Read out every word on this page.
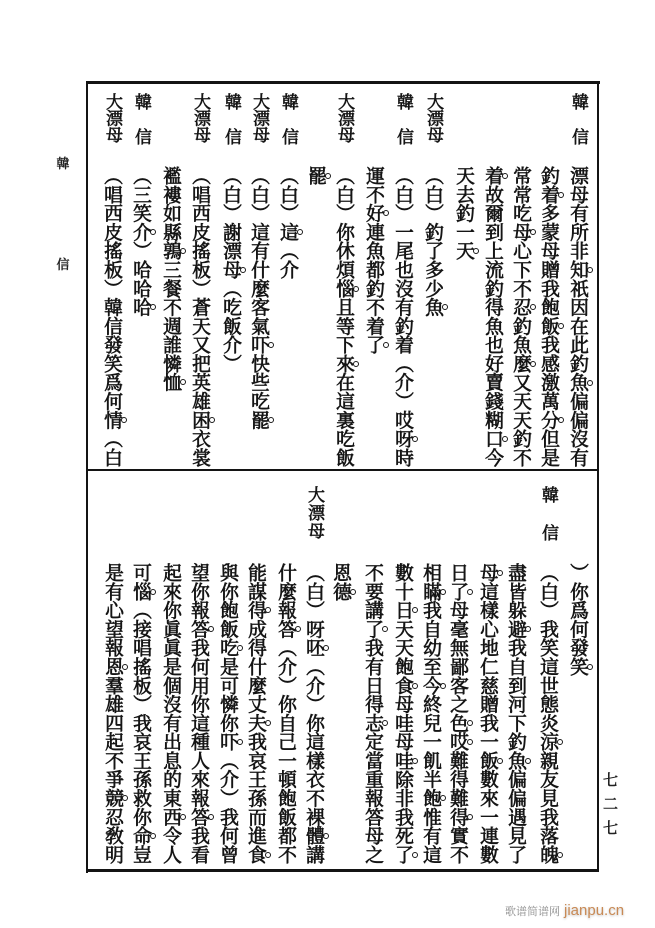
韓
信
七二七
韓信
漂母有所非知祇因在此釣魚偏偏沒有
釣着多蒙母贈我飽飯我感激萬分但是
常常吃母心下不忍釣魚麼又天天釣不
着故爾到上流釣得魚也好賣錢糊口今
天去釣一天
大漂母
（白）釣了多少魚
韓信
（白）一尾也沒有釣着（介）哎呀時
運不好連魚都釣不着了
大漂母
（白）你休煩惱且等下來在這裏吃飯
罷
韓信
（白）這（介
大漂母
（白）這有什麼客氣吓快些吃罷
韓信
（白）謝漂母（吃飯介）
大漂母
（唱西皮搖板）蒼天又把英雄困衣裳
襤褸如縣鶉三餐不週誰憐恤
韓信
（三笑介）哈哈哈
大漂母
（唱西皮搖板）韓信發笑爲何情（白
）你爲何發笑
韓信
（白）我笑這世態炎涼親友見我落魄
盡皆躲避我自到河下釣魚偏偏遇見了
母這樣心地仁慈贈我一飯數來一連數
日了母毫無鄙客之色哎難得難得實不
相瞞我自幼至今終兒一飢半飽惟有這
數十日天天飽食母哇母哇除非我死了
不要講了我有日得志定當重報答母之
恩德
大漂母
（白）呀呸（介）你這樣衣不裸體講
什麼報答（介）你自己一頓飽飯都不
能謀得成得什麼丈夫我哀王孫而進食
與你飽飯吃是可憐你吓（介）我何曾
望你報答我何用你這種人來報答我看
起來你眞眞是個沒有出息的東西令人
可惱（接唱搖板）我哀王孫救你命豈
是有心望報恩羣雄四起不爭競忍敎明
歌谱简谱网 jianpu.cn
